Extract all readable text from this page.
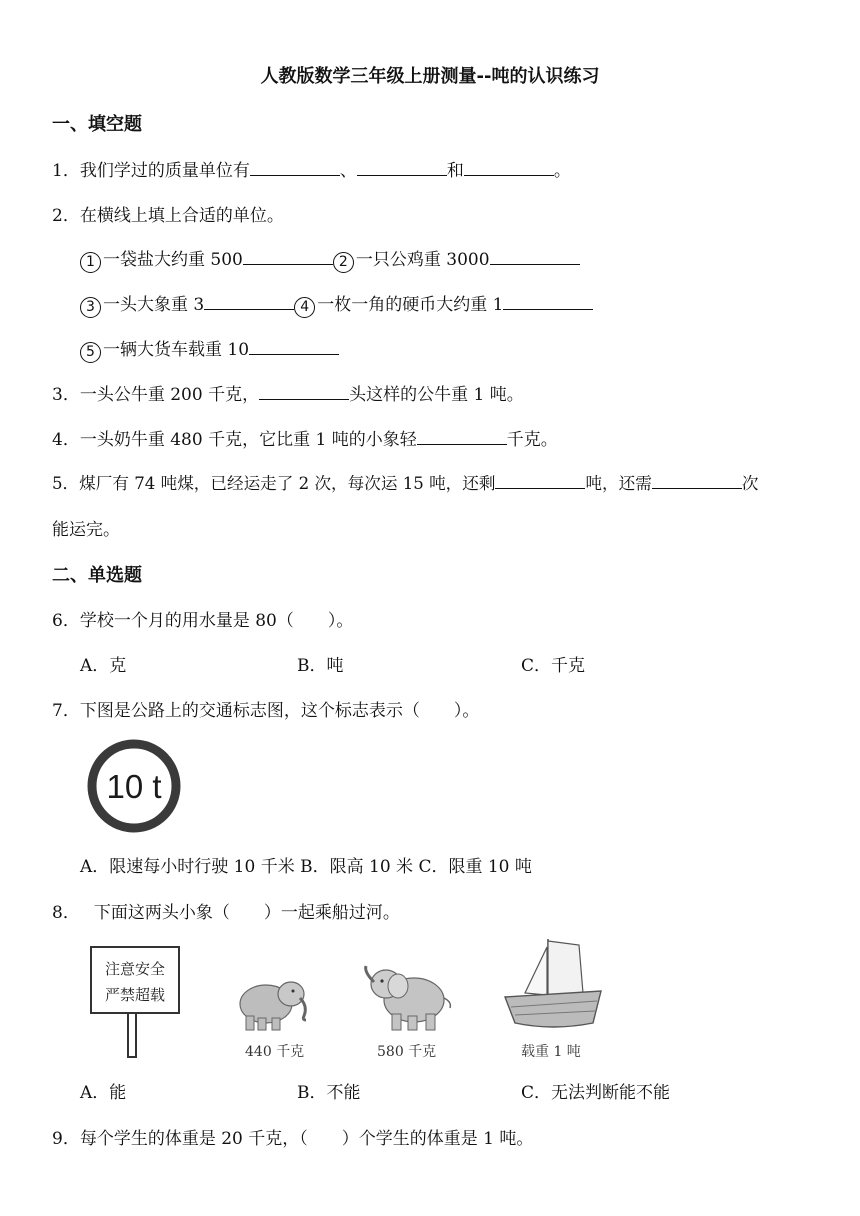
人教版数学三年级上册测量--吨的认识练习
一、填空题
1．我们学过的质量单位有	、	和	。
2．在横线上填上合适的单位。
1 一袋盐大约重 500	2 一只公鸡重 3000
3 一头大象重 3	4 一枚一角的硬币大约重 1
5 一辆大货车载重 10
3．一头公牛重 200 千克，	头这样的公牛重 1 吨。
4．一头奶牛重 480 千克，它比重 1 吨的小象轻	千克。
5．煤厂有 74 吨煤，已经运走了 2 次，每次运 15 吨，还剩	吨，还需	次
能运完。
二、单选题
6．学校一个月的用水量是 80（　　）。
A．克	B．吨	C．千克
7．下图是公路上的交通标志图，这个标志表示（　　）。
10 t
A．限速每小时行驶 10 千米 B．限高 10 米 C．限重 10 吨
8． 下面这两头小象（　　）一起乘船过河。
注意安全
严禁超载
440 千克	580 千克	载重 1 吨
A．能	B．不能	C．无法判断能不能
9．每个学生的体重是 20 千克，（　　）个学生的体重是 1 吨。
